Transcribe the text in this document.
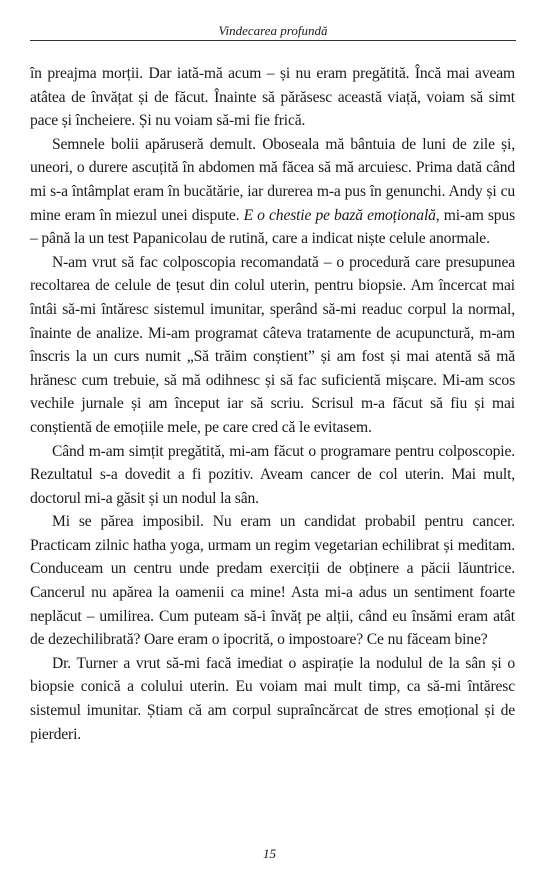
Vindecarea profundă

în preajma morții. Dar iată-mă acum – și nu eram pregătită. Încă mai aveam atâtea de învățat și de făcut. Înainte să părăsesc această viață, voiam să simt pace și încheiere. Și nu voiam să-mi fie frică.

Semnele bolii apăruseră demult. Oboseala mă bântuia de luni de zile și, uneori, o durere ascuțită în abdomen mă făcea să mă arcuiesc. Prima dată când mi s-a întâmplat eram în bucătărie, iar durerea m-a pus în genunchi. Andy și cu mine eram în miezul unei dispute. E o chestie pe bază emoțională, mi-am spus – până la un test Papanicolau de rutină, care a indicat niște celule anormale.

N-am vrut să fac colposcopia recomandată – o procedură care presupunea recoltarea de celule de țesut din colul uterin, pentru biopsie. Am încercat mai întâi să-mi întăresc sistemul imunitar, sperând să-mi readuc corpul la normal, înainte de analize. Mi-am programat câteva tratamente de acupunctură, m-am înscris la un curs numit „Să trăim conștient” și am fost și mai atentă să mă hrănesc cum trebuie, să mă odihnesc și să fac suficientă mișcare. Mi-am scos vechile jurnale și am început iar să scriu. Scrisul m-a făcut să fiu și mai conștientă de emoțiile mele, pe care cred că le evitasem.

Când m-am simțit pregătită, mi-am făcut o programare pentru colposcopie. Rezultatul s-a dovedit a fi pozitiv. Aveam cancer de col uterin. Mai mult, doctorul mi-a găsit și un nodul la sân.

Mi se părea imposibil. Nu eram un candidat probabil pentru cancer. Practicam zilnic hatha yoga, urmam un regim vegetarian echilibrat și meditam. Conduceam un centru unde predam exerciții de obținere a păcii lăuntrice. Cancerul nu apărea la oamenii ca mine! Asta mi-a adus un sentiment foarte neplăcut – umilirea. Cum puteam să-i învăț pe alții, când eu însămi eram atât de dezechilibrată? Oare eram o ipocrită, o impostoare? Ce nu făceam bine?

Dr. Turner a vrut să-mi facă imediat o aspirație la nodulul de la sân și o biopsie conică a colului uterin. Eu voiam mai mult timp, ca să-mi întăresc sistemul imunitar. Știam că am corpul supraîncărcat de stres emoțional și de pierderi.

15
